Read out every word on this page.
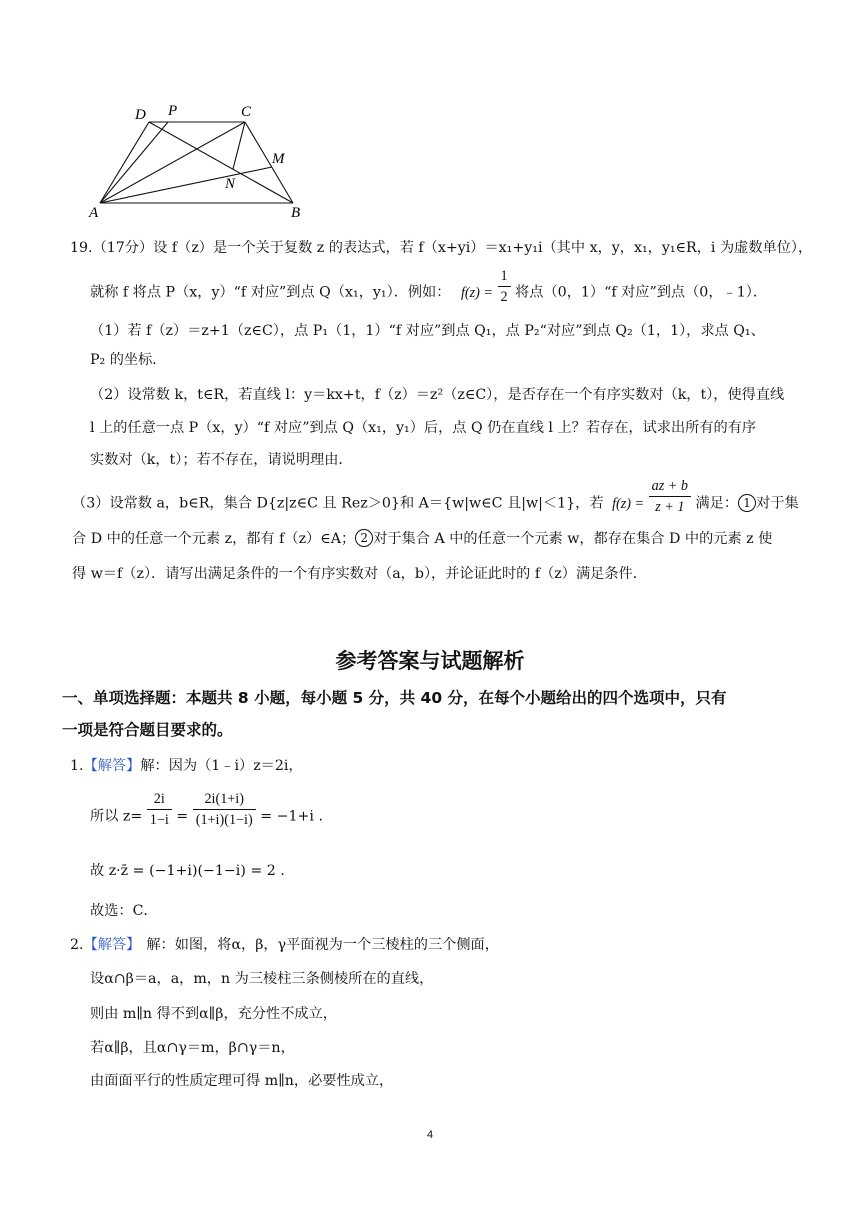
D P	C
M
N
A	B
19.（17分）设 f（z）是一个关于复数 z 的表达式，若 f（x+yi）＝x₁+y₁i（其中 x，y，x₁，y₁∈R，i 为虚数单位），
就称 f 将点 P（x，y）“f 对应”到点 Q（x₁，y₁）．例如： $f(z) = \frac{1}{2}$ 将点（0，1）“f 对应”到点（0，﹣1）．
（1）若 f（z）＝z+1（z∈C），点 P₁（1，1）“f 对应”到点 Q₁，点 P₂“对应”到点 Q₂（1，1），求点 Q₁、
P₂ 的坐标．
（2）设常数 k，t∈R，若直线 l：y＝kx+t，f（z）＝z²（z∈C），是否存在一个有序实数对（k，t），使得直线
l 上的任意一点 P（x，y）“f 对应”到点 Q（x₁，y₁）后，点 Q 仍在直线 l 上？若存在，试求出所有的有序
实数对（k，t）；若不存在，请说明理由．
（3）设常数 a，b∈R，集合 D{z|z∈C 且 Rez＞0}和 A＝{w|w∈C 且|w|＜1}，若 $f(z) = \frac{az + b}{z + 1}$ 满足： 1 对于集
合 D 中的任意一个元素 z，都有 f（z）∈A； 2 对于集合 A 中的任意一个元素 w，都存在集合 D 中的元素 z 使
得 w＝f（z）．请写出满足条件的一个有序实数对（a，b），并论证此时的 f（z）满足条件．
参考答案与试题解析
一、单项选择题：本题共 8 小题，每小题 5 分，共 40 分，在每个小题给出的四个选项中，只有
一项是符合题目要求的。
1.【解答】解：因为（1﹣i）z＝2i，
所以 $z= \frac{2i}{1-i} = \frac{2i(1+i)}{(1+i)(1-i)} = -1+i$ .
故 z·z̄ = (−1+i)(−1−i) = 2 .
故选：C．
2.【解答】 解：如图，将α，β，γ平面视为一个三棱柱的三个侧面，
设α∩β＝a，a，m，n 为三棱柱三条侧棱所在的直线，
则由 m∥n 得不到α∥β，充分性不成立，
若α∥β，且α∩γ＝m，β∩γ＝n，
由面面平行的性质定理可得 m∥n，必要性成立，
4
